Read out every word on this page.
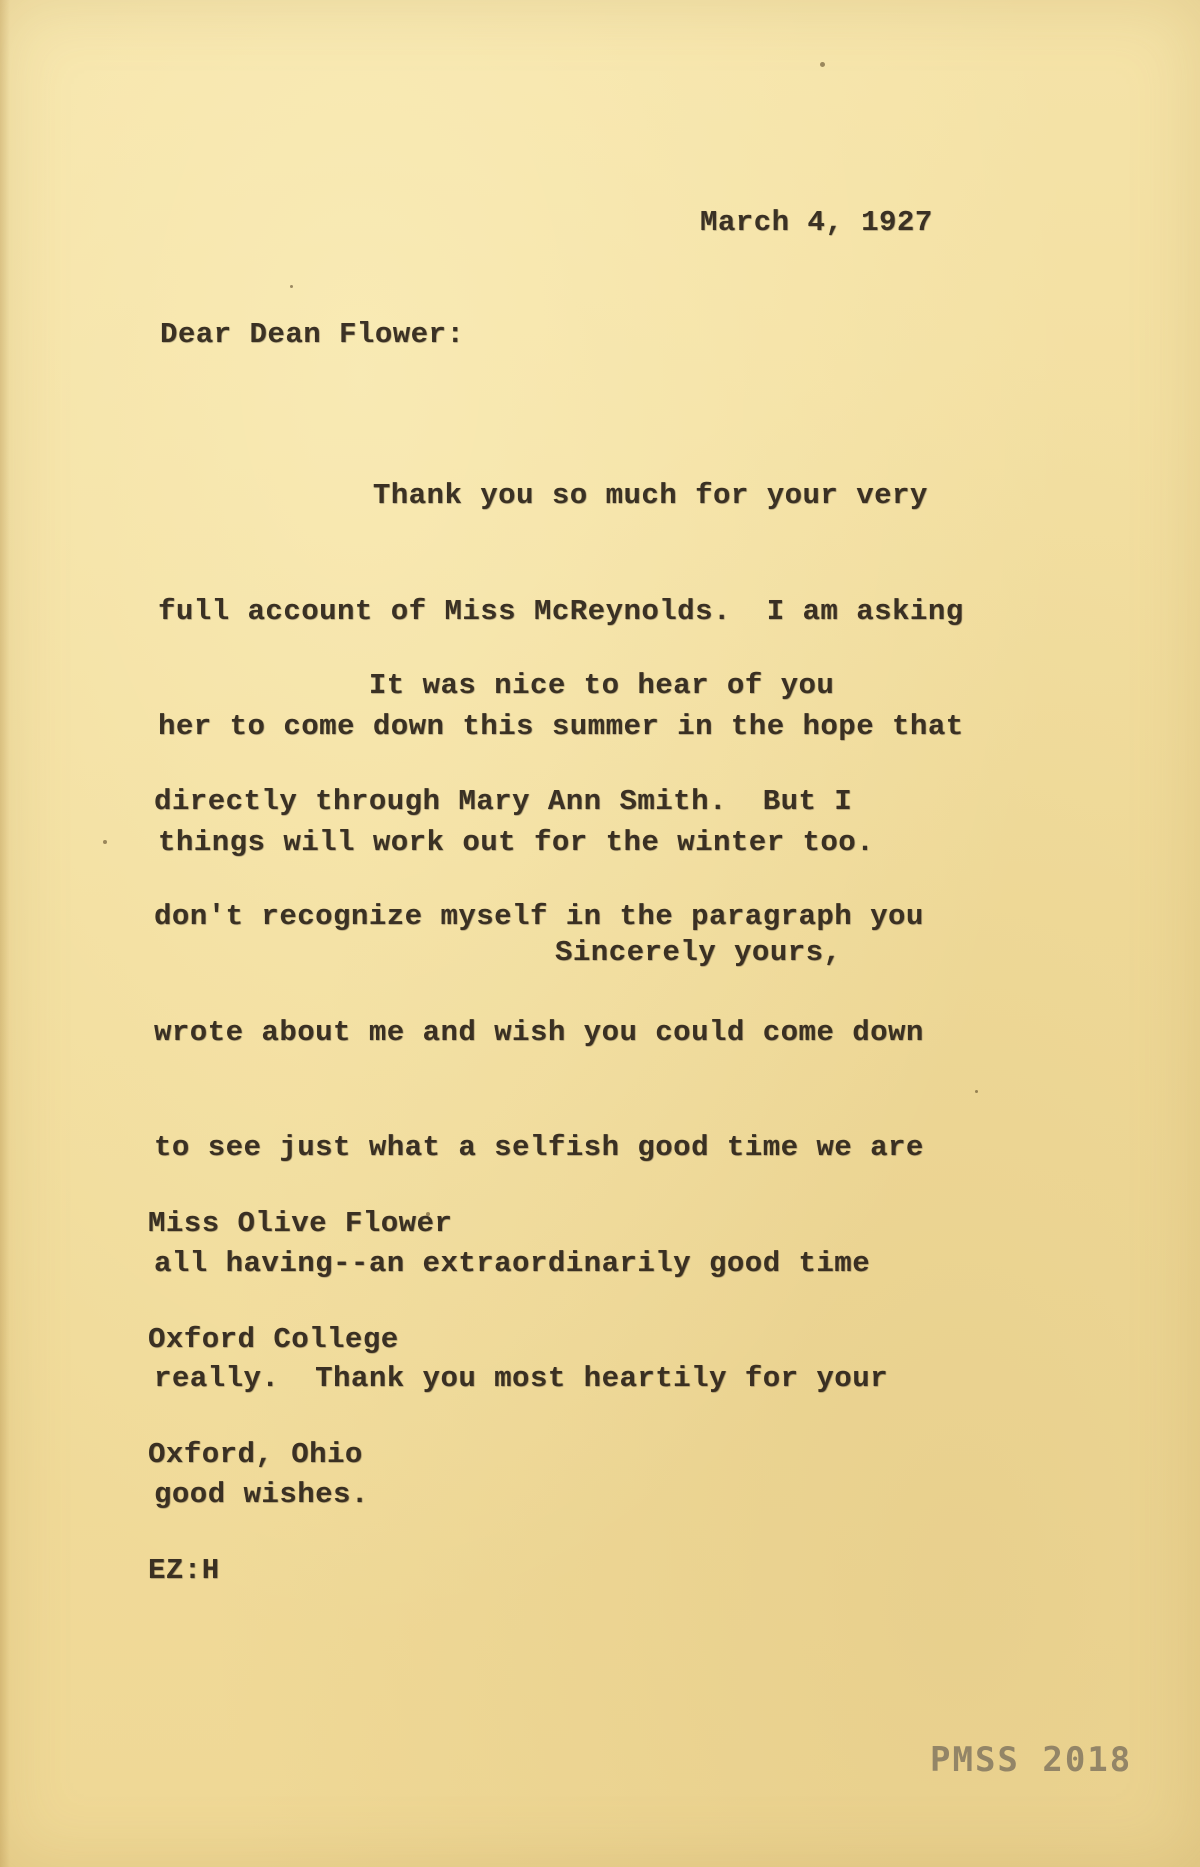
March 4, 1927
Dear Dean Flower:

Thank you so much for your very

full account of Miss McReynolds.  I am asking

her to come down this summer in the hope that

things will work out for the winter too.

It was nice to hear of you

directly through Mary Ann Smith.  But I

don't recognize myself in the paragraph you

wrote about me and wish you could come down

to see just what a selfish good time we are

all having--an extraordinarily good time

really.  Thank you most heartily for your

good wishes.

Sincerely yours,

Miss Olive Flower

Oxford College

Oxford, Ohio

EZ:H

PMSS 2018
